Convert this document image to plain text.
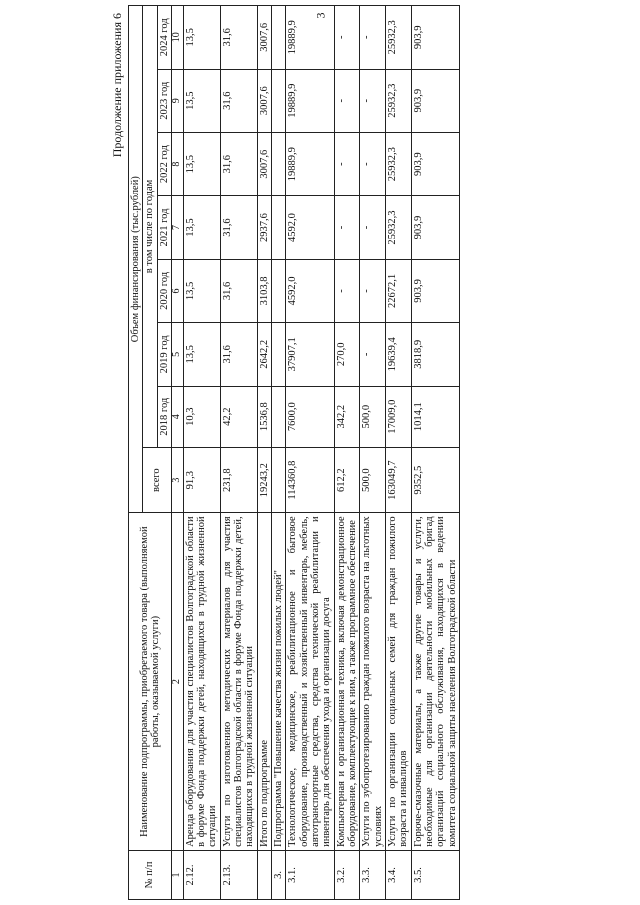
3
Продолжение приложения 6
№ п/п	Наименование подпрограммы, приобретаемого товара (выполняемой работы, оказываемой услуги)	Объем финансирования (тыс.рублей)							
		всего	в том числе по годам						
			2018 год	2019 год	2020 год	2021 год	2022 год	2023 год	2024 год
1	2	3	4	5	6	7	8	9	10
2.12.	Аренда оборудования для участия специалистов Волгоградской области в форуме Фонда поддержки детей, находящихся в трудной жизненной ситуации	91,3	10,3	13,5	13,5	13,5	13,5	13,5	13,5
2.13.	Услуги по изготовлению методических материалов для участия специалистов Волгоградской области в форуме Фонда поддержки детей, находящихся в трудной жизненной ситуации	231,8	42,2	31,6	31,6	31,6	31,6	31,6	31,6
	Итого по подпрограмме	19243,2	1536,8	2642,2	3103,8	2937,6	3007,6	3007,6	3007,6
3.	Подпрограмма "Повышение качества жизни пожилых людей"								
3.1.	Технологическое, медицинское, реабилитационное и бытовое оборудование, производственный и хозяйственный инвентарь, мебель, автотранспортные средства, средства технической реабилитации и инвентарь для обеспечения ухода и организации досуга	114360,8	7600,0	37907,1	4592,0	4592,0	19889,9	19889,9	19889,9
3.2.	Компьютерная и организационная техника, включая демонстрационное оборудование, комплектующие к ним, а также программное обеспечение	612,2	342,2	270,0	-	-	-	-	-
3.3.	Услуги по зубопротезированию граждан пожилого возраста на льготных условиях	500,0	500,0	-	-	-	-	-	-
3.4.	Услуги по организации социальных семей для граждан пожилого возраста и инвалидов	163049,7	17009,0	19639,4	22672,1	25932,3	25932,3	25932,3	25932,3
3.5.	Горюче-смазочные материалы, а также другие товары и услуги, необходимые для организации деятельности мобильных бригад организаций социального обслуживания, находящихся в ведении комитета социальной защиты населения Волгоградской области	9352,5	1014,1	3818,9	903,9	903,9	903,9	903,9	903,9
